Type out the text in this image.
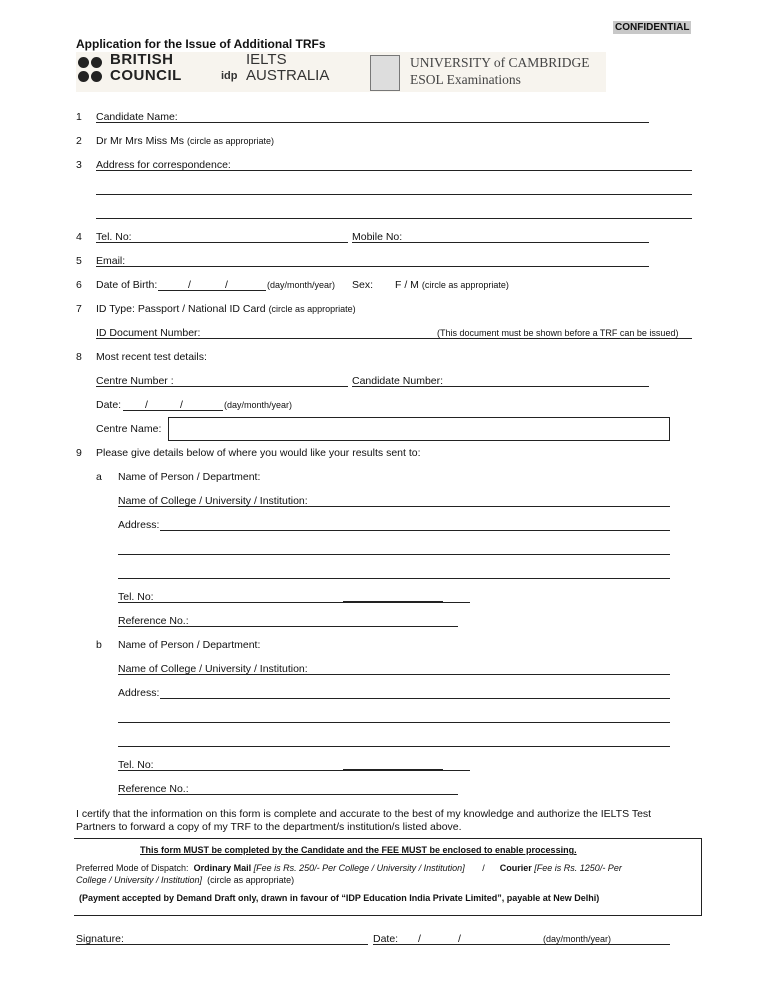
CONFIDENTIAL
Application for the Issue of Additional TRFs
BRITISH
COUNCIL	idp
IELTS
AUSTRALIA
UNIVERSITY of CAMBRIDGE
ESOL Examinations
1 Candidate Name:
2 Dr Mr Mrs Miss Ms (circle as appropriate)
3 Address for correspondence:
4 Tel. No:	Mobile No:
5 Email:
6 Date of Birth:	/	/	(day/month/year) Sex: F / M (circle as appropriate)
7 ID Type: Passport / National ID Card (circle as appropriate)
ID Document Number:	(This document must be shown before a TRF can be issued)
8 Most recent test details:
Centre Number :	Candidate Number:
Date: /	/	(day/month/year)
Centre Name:
9 Please give details below of where you would like your results sent to:
a Name of Person / Department:
Name of College / University / Institution:
Address:
Tel. No:
Reference No.:
b Name of Person / Department:
Name of College / University / Institution:
Address:
Tel. No:
Reference No.:
I certify that the information on this form is complete and accurate to the best of my knowledge and authorize the IELTS Test
Partners to forward a copy of my TRF to the department/s institution/s listed above.
This form MUST be completed by the Candidate and the FEE MUST be enclosed to enable processing.
Preferred Mode of Dispatch: Ordinary Mail [Fee is Rs. 250/- Per College / University / Institution] / Courier [Fee is Rs. 1250/- Per
College / University / Institution] (circle as appropriate)
(Payment accepted by Demand Draft only, drawn in favour of “IDP Education India Private Limited”, payable at New Delhi)
Signature:	Date: /	/	(day/month/year)
